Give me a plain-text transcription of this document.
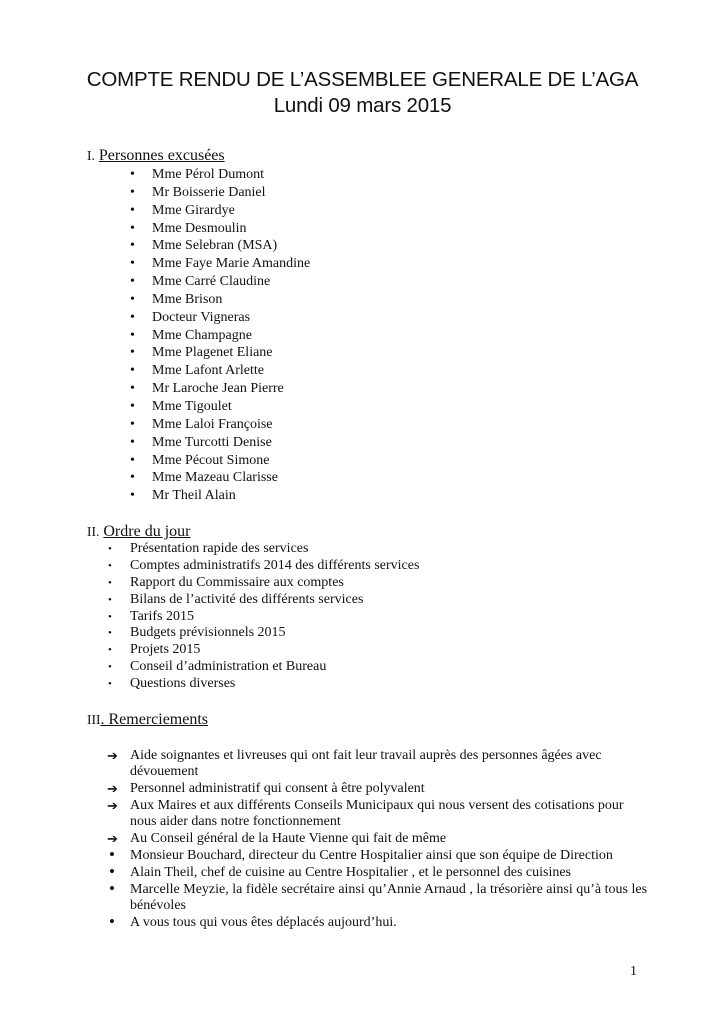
COMPTE RENDU DE L’ASSEMBLEE GENERALE DE L’AGA
Lundi 09 mars 2015
I. Personnes excusées
• Mme Pérol Dumont
• Mr Boisserie Daniel
• Mme Girardye
• Mme Desmoulin
• Mme Selebran (MSA)
• Mme Faye Marie Amandine
• Mme Carré Claudine
• Mme Brison
• Docteur Vigneras
• Mme Champagne
• Mme Plagenet Eliane
• Mme Lafont Arlette
• Mr Laroche Jean Pierre
• Mme Tigoulet
• Mme Laloi Françoise
• Mme Turcotti Denise
• Mme Pécout Simone
• Mme Mazeau Clarisse
• Mr Theil Alain
II. Ordre du jour
• Présentation rapide des services
• Comptes administratifs 2014 des différents services
• Rapport du Commissaire aux comptes
• Bilans de l’activité des différents services
• Tarifs 2015
• Budgets prévisionnels 2015
• Projets 2015
• Conseil d’administration et Bureau
• Questions diverses
III. Remerciements
➔ Aide soignantes et livreuses qui ont fait leur travail auprès des personnes âgées avec dévouement
➔ Personnel administratif qui consent à être polyvalent
➔ Aux Maires et aux différents Conseils Municipaux qui nous versent des cotisations pour nous aider dans notre fonctionnement
➔ Au Conseil général de la Haute Vienne qui fait de même
• Monsieur Bouchard, directeur du Centre Hospitalier ainsi que son équipe de Direction
• Alain Theil, chef de cuisine au Centre Hospitalier , et le personnel des cuisines
• Marcelle Meyzie, la fidèle secrétaire ainsi qu’Annie Arnaud , la trésorière ainsi qu’à tous les bénévoles
• A vous tous qui vous êtes déplacés aujourd’hui.
1
